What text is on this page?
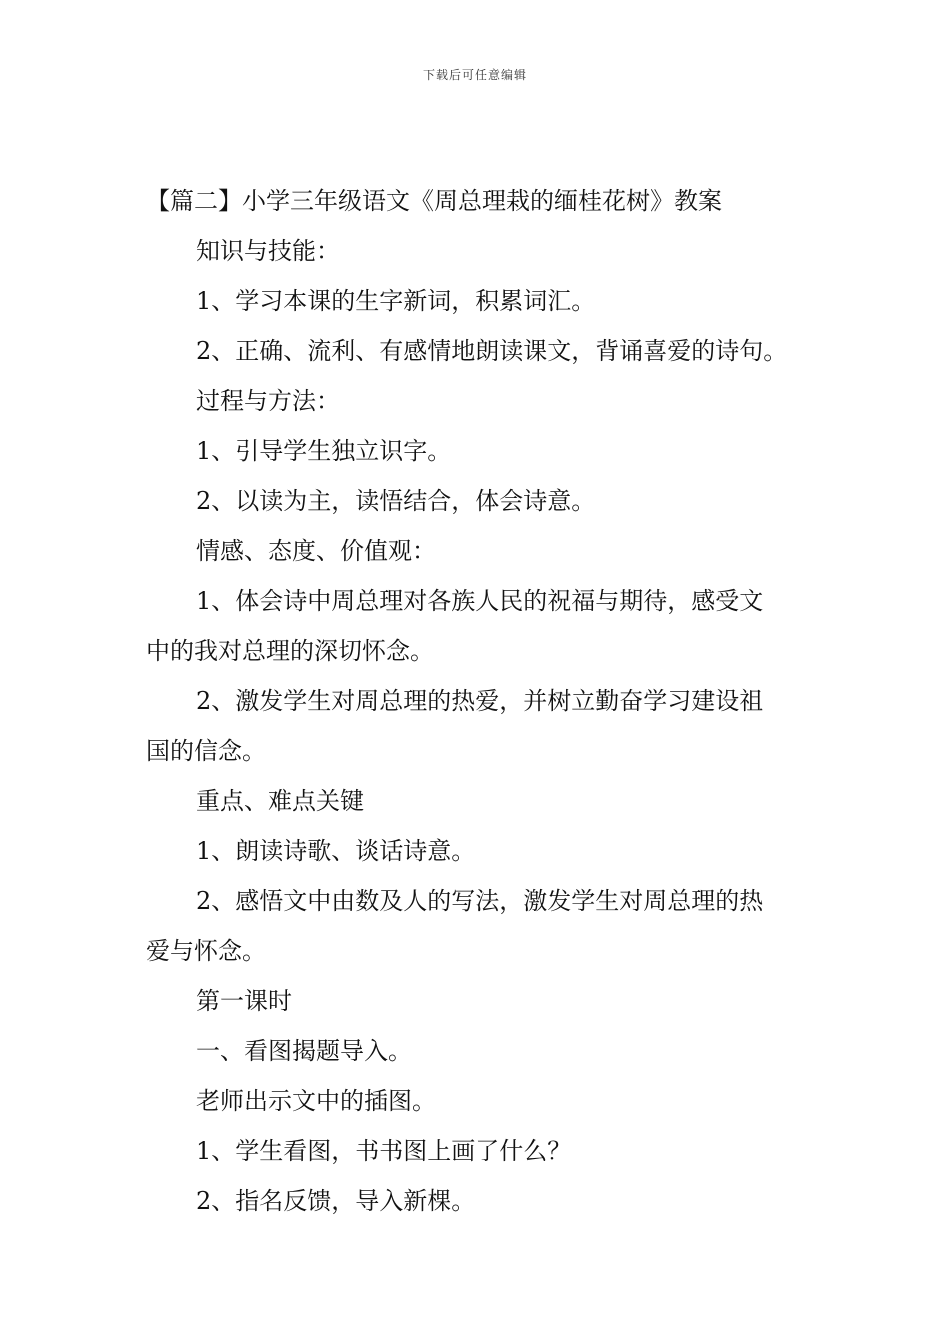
下载后可任意编辑

【篇二】小学三年级语文《周总理栽的缅桂花树》教案

知识与技能：

1、学习本课的生字新词，积累词汇。

2、正确、流利、有感情地朗读课文，背诵喜爱的诗句。

过程与方法：

1、引导学生独立识字。

2、以读为主，读悟结合，体会诗意。

情感、态度、价值观：

1、体会诗中周总理对各族人民的祝福与期待，感受文

中的我对总理的深切怀念。

2、激发学生对周总理的热爱，并树立勤奋学习建设祖

国的信念。

重点、难点关键

1、朗读诗歌、谈话诗意。

2、感悟文中由数及人的写法，激发学生对周总理的热

爱与怀念。

第一课时

一、看图揭题导入。

老师出示文中的插图。

1、学生看图，书书图上画了什么？

2、指名反馈，导入新棵。
